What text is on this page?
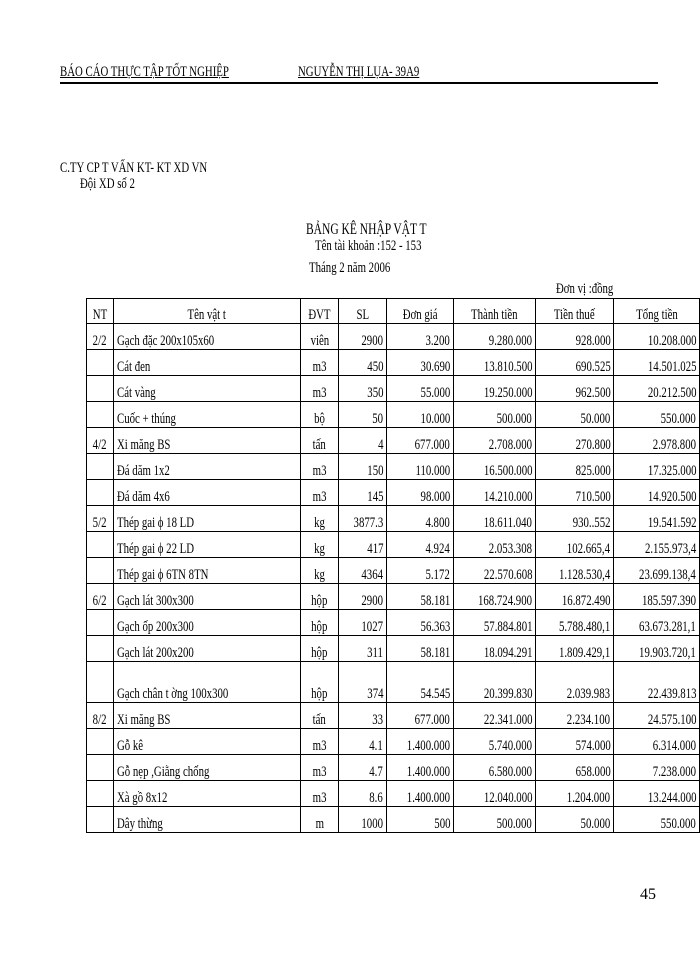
BÁO CÁO THỰC TẬP TỐT NGHIỆP	NGUYỄN THỊ LỤA- 39A9
C.TY CP T VẤN KT- KT XD VN
Đội XD số 2
BẢNG KÊ NHẬP VẬT T
Tên tài khoản :152 - 153
Tháng 2 năm 2006
Đơn vị :đồng
NT	Tên vật t	ĐVT	SL	Đơn giá	Thành tiền	Tiền thuế	Tổng tiền
2/2	Gạch đặc 200x105x60	viên	2900	3.200	9.280.000	928.000	10.208.000
	Cát đen	m3	450	30.690	13.810.500	690.525	14.501.025
	Cát vàng	m3	350	55.000	19.250.000	962.500	20.212.500
	Cuốc + thúng	bộ	50	10.000	500.000	50.000	550.000
4/2	Xi măng BS	tấn	4	677.000	2.708.000	270.800	2.978.800
	Đá dăm 1x2	m3	150	110.000	16.500.000	825.000	17.325.000
	Đá dăm 4x6	m3	145	98.000	14.210.000	710.500	14.920.500
5/2	Thép gai ϕ 18 LD	kg	3877.3	4.800	18.611.040	930..552	19.541.592
	Thép gai ϕ 22 LD	kg	417	4.924	2.053.308	102.665,4	2.155.973,4
	Thép gai ϕ 6TN 8TN	kg	4364	5.172	22.570.608	1.128.530,4	23.699.138,4
6/2	Gạch lát 300x300	hộp	2900	58.181	168.724.900	16.872.490	185.597.390
	Gạch ốp 200x300	hộp	1027	56.363	57.884.801	5.788.480,1	63.673.281,1
	Gạch lát 200x200	hộp	311	58.181	18.094.291	1.809.429,1	19.903.720,1

	Gạch chân t ờng 100x300	hộp	374	54.545	20.399.830	2.039.983	22.439.813
8/2	Xi măng BS	tấn	33	677.000	22.341.000	2.234.100	24.575.100
	Gỗ kê	m3	4.1	1.400.000	5.740.000	574.000	6.314.000
	Gỗ nẹp ,Giằng chống	m3	4.7	1.400.000	6.580.000	658.000	7.238.000
	Xà gồ 8x12	m3	8.6	1.400.000	12.040.000	1.204.000	13.244.000
	Dây thừng	m	1000	500	500.000	50.000	550.000
45
